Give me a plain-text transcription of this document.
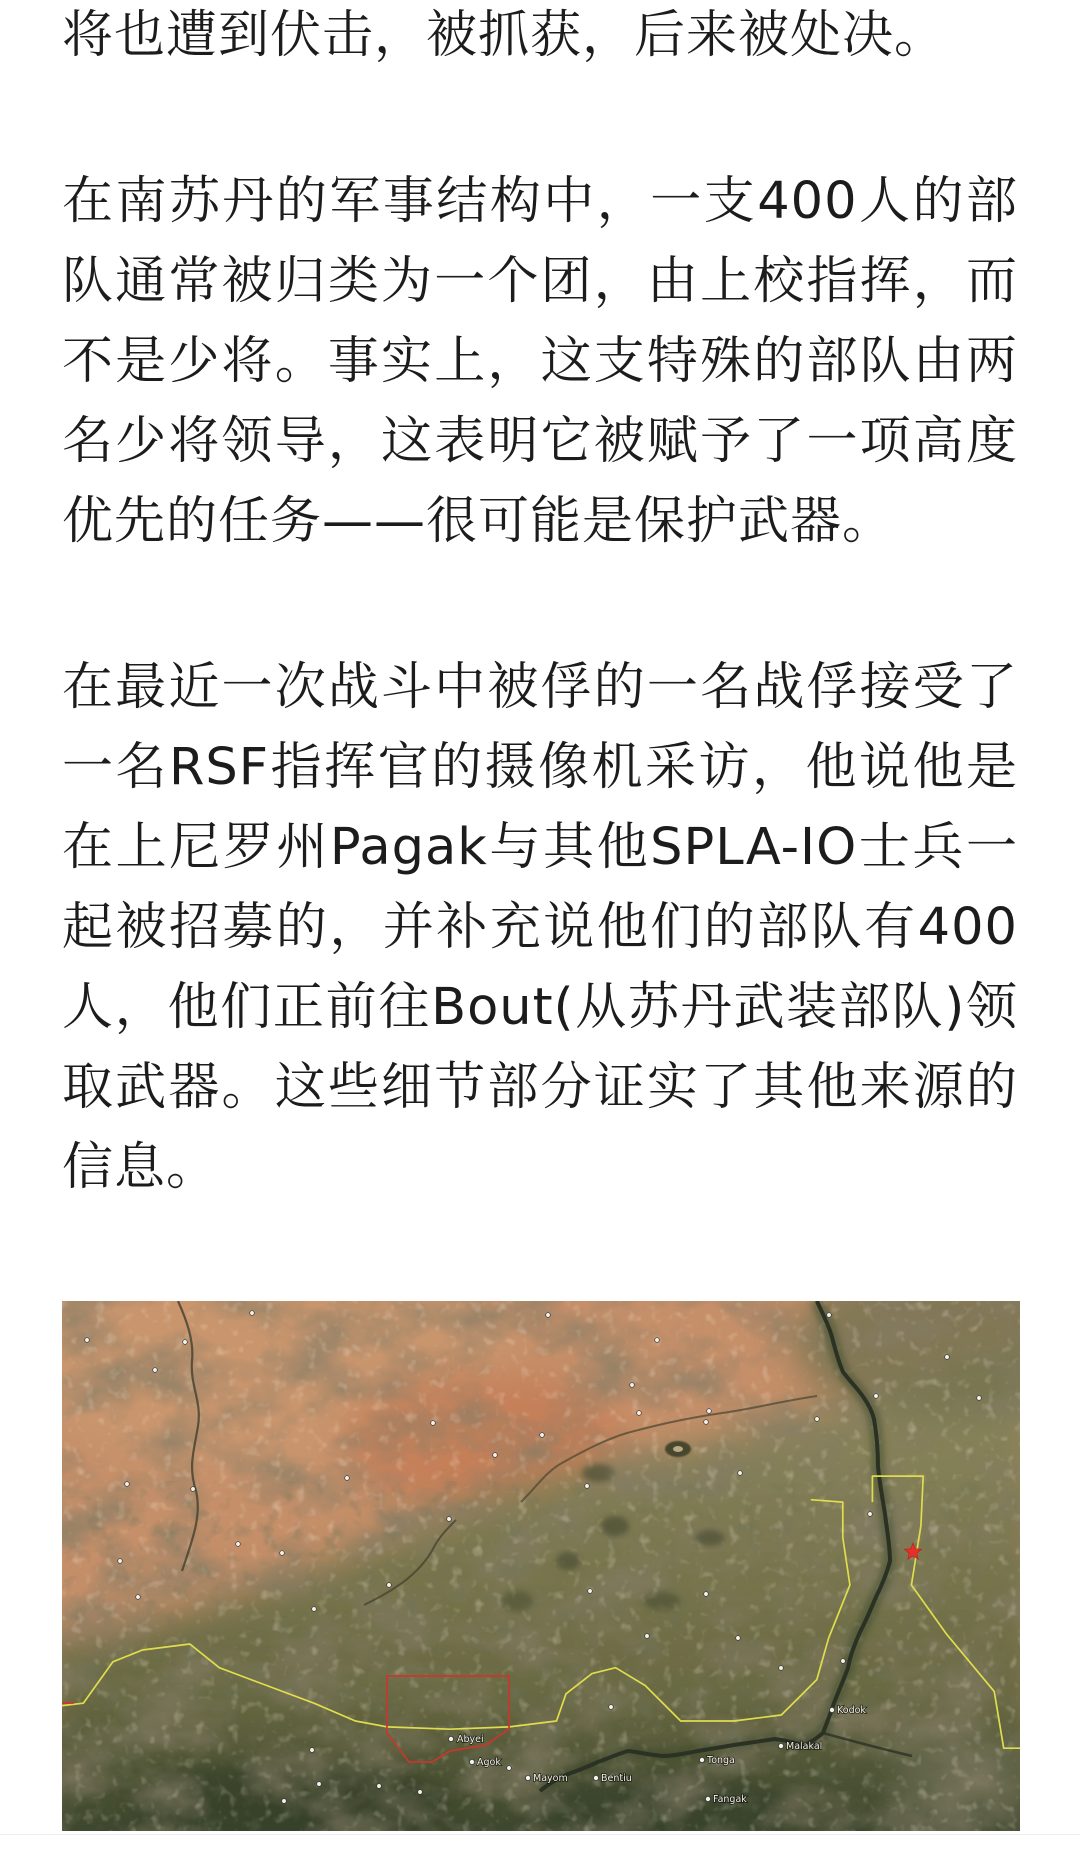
将也遭到伏击，被抓获，后来被处决。
在南苏丹的军事结构中，一支400人的部
队通常被归类为一个团，由上校指挥，而
不是少将。事实上，这支特殊的部队由两
名少将领导，这表明它被赋予了一项高度
优先的任务——很可能是保护武器。
在最近一次战斗中被俘的一名战俘接受了
一名RSF指挥官的摄像机采访，他说他是
在上尼罗州Pagak与其他SPLA-IO士兵一
起被招募的，并补充说他们的部队有400
人，他们正前往Bout(从苏丹武装部队)领
取武器。这些细节部分证实了其他来源的
信息。
Abyei
Agok
Mayom	Bentiu
Tonga
Fangak
Malakal
Kodok
